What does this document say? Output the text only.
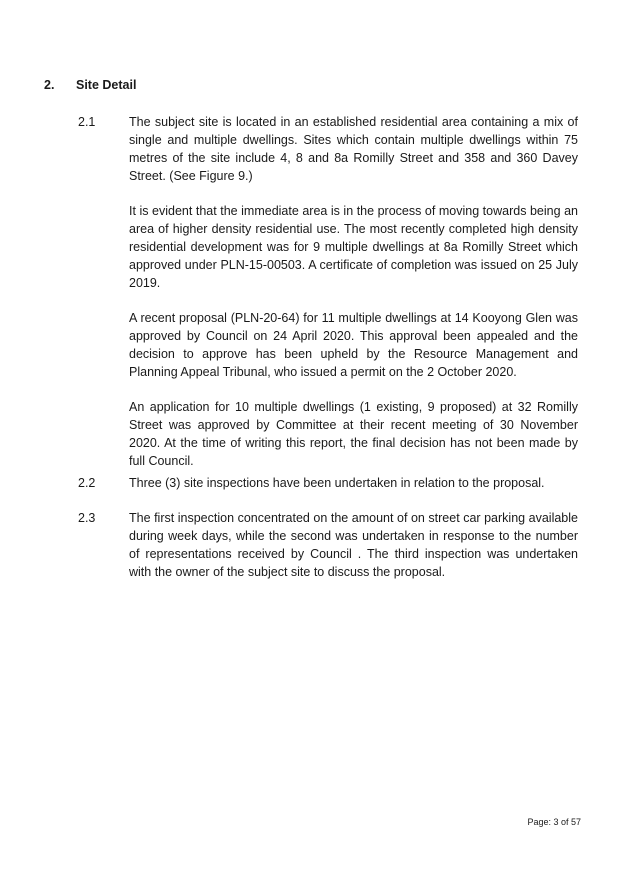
2. Site Detail
2.1	The subject site is located in an established residential area containing a mix of single and multiple dwellings. Sites which contain multiple dwellings within 75 metres of the site include 4, 8 and 8a Romilly Street and 358 and 360 Davey Street. (See Figure 9.)

It is evident that the immediate area is in the process of moving towards being an area of higher density residential use. The most recently completed high density residential development was for 9 multiple dwellings at 8a Romilly Street which approved under PLN-15-00503. A certificate of completion was issued on 25 July 2019.

A recent proposal (PLN-20-64) for 11 multiple dwellings at 14 Kooyong Glen was approved by Council on 24 April 2020. This approval been appealed and the decision to approve has been upheld by the Resource Management and Planning Appeal Tribunal, who issued a permit on the 2 October 2020.

An application for 10 multiple dwellings (1 existing, 9 proposed) at 32 Romilly Street was approved by Committee at their recent meeting of 30 November 2020. At the time of writing this report, the final decision has not been made by full Council.

2.2	Three (3) site inspections have been undertaken in relation to the proposal.

2.3	The first inspection concentrated on the amount of on street car parking available during week days, while the second was undertaken in response to the number of representations received by Council . The third inspection was undertaken with the owner of the subject site to discuss the proposal.

Page: 3 of 57
